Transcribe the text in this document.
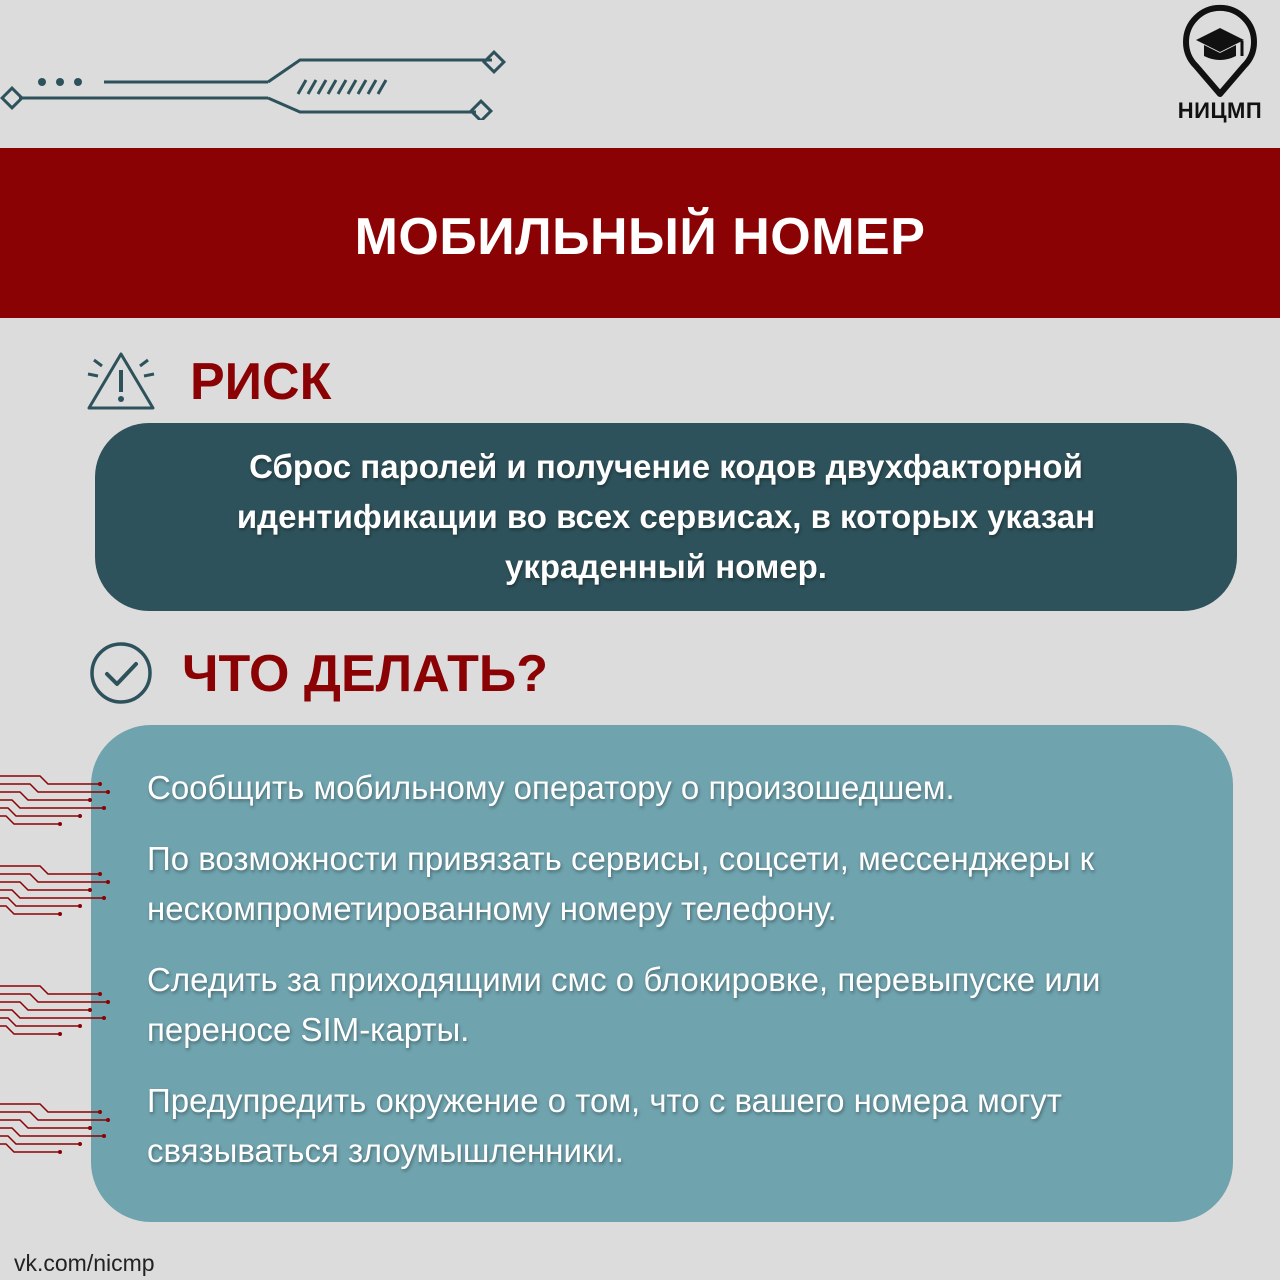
НИЦМП
МОБИЛЬНЫЙ НОМЕР
РИСК
Сброс паролей и получение кодов двухфакторной идентификации во всех сервисах, в которых указан украденный номер.
ЧТО ДЕЛАТЬ?
Сообщить мобильному оператору о произошедшем.
По возможности привязать сервисы, соцсети, мессенджеры к нескомпрометированному номеру телефону.
Следить за приходящими смс о блокировке, перевыпуске или переносе SIM-карты.
Предупредить окружение о том, что с вашего номера могут связываться злоумышленники.
vk.com/nicmp
